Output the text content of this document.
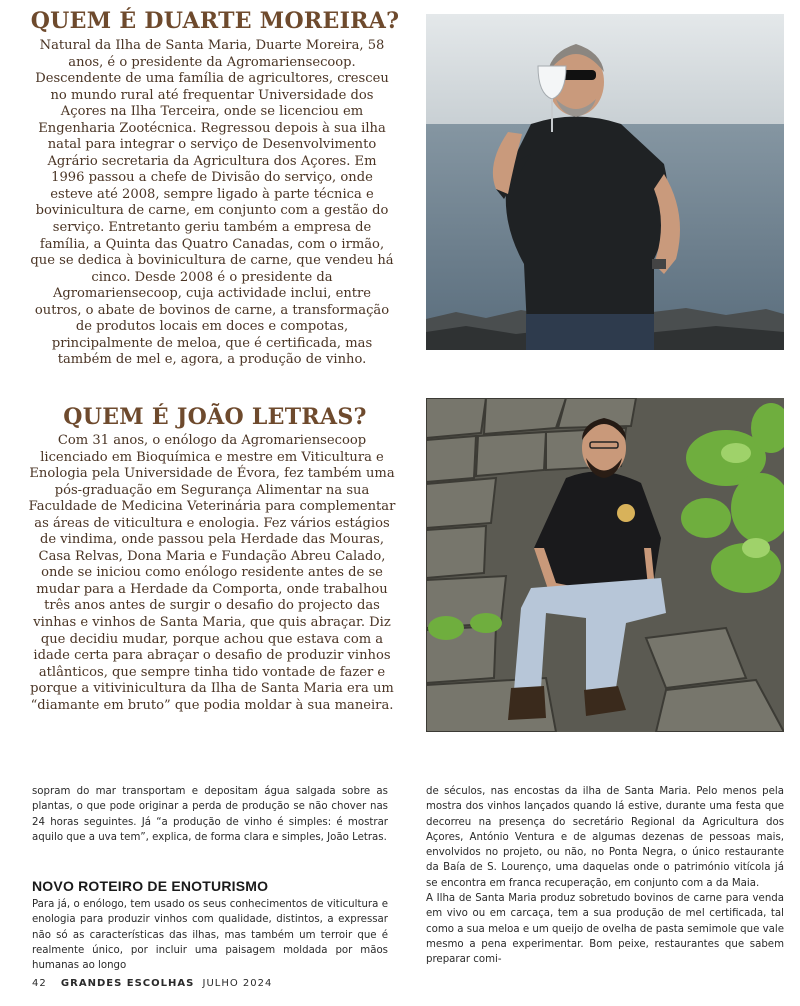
QUEM É DUARTE MOREIRA?

Natural da Ilha de Santa Maria, Duarte Moreira, 58 anos, é o presidente da Agromariensecoop. Descendente de uma família de agricultores, cresceu no mundo rural até frequentar Universidade dos Açores na Ilha Terceira, onde se licenciou em Engenharia Zootécnica. Regressou depois à sua ilha natal para integrar o serviço de Desenvolvimento Agrário secretaria da Agricultura dos Açores. Em 1996 passou a chefe de Divisão do serviço, onde esteve até 2008, sempre ligado à parte técnica e bovinicultura de carne, em conjunto com a gestão do serviço. Entretanto geriu também a empresa de família, a Quinta das Quatro Canadas, com o irmão, que se dedica à bovinicultura de carne, que vendeu há cinco. Desde 2008 é o presidente da Agromariensecoop, cuja actividade inclui, entre outros, o abate de bovinos de carne, a transformação de produtos locais em doces e compotas, principalmente de meloa, que é certificada, mas também de mel e, agora, a produção de vinho.

QUEM É JOÃO LETRAS?

Com 31 anos, o enólogo da Agromariensecoop licenciado em Bioquímica e mestre em Viticultura e Enologia pela Universidade de Évora, fez também uma pós-graduação em Segurança Alimentar na sua Faculdade de Medicina Veterinária para complementar as áreas de viticultura e enologia. Fez vários estágios de vindima, onde passou pela Herdade das Mouras, Casa Relvas, Dona Maria e Fundação Abreu Calado, onde se iniciou como enólogo residente antes de se mudar para a Herdade da Comporta, onde trabalhou três anos antes de surgir o desafio do projecto das vinhas e vinhos de Santa Maria, que quis abraçar. Diz que decidiu mudar, porque achou que estava com a idade certa para abraçar o desafio de produzir vinhos atlânticos, que sempre tinha tido vontade de fazer e porque a vitivinicultura da Ilha de Santa Maria era um “diamante em bruto” que podia moldar à sua maneira.

sopram do mar transportam e depositam água salgada sobre as plantas, o que pode originar a perda de produção se não chover nas 24 horas seguintes. Já “a produção de vinho é simples: é mostrar aquilo que a uva tem”, explica, de forma clara e simples, João Letras.

NOVO ROTEIRO DE ENOTURISMO

Para já, o enólogo, tem usado os seus conhecimentos de viticultura e enologia para produzir vinhos com qualidade, distintos, a expressar não só as características das ilhas, mas também um terroir que é realmente único, por incluir uma paisagem moldada por mãos humanas ao longo

de séculos, nas encostas da ilha de Santa Maria. Pelo menos pela mostra dos vinhos lançados quando lá estive, durante uma festa que decorreu na presença do secretário Regional da Agricultura dos Açores, António Ventura e de algumas dezenas de pessoas mais, envolvidos no projeto, ou não, no Ponta Negra, o único restaurante da Baía de S. Lourenço, uma daquelas onde o património vitícola já se encontra em franca recuperação, em conjunto com a da Maia.

A Ilha de Santa Maria produz sobretudo bovinos de carne para venda em vivo ou em carcaça, tem a sua produção de mel certificada, tal como a sua meloa e um queijo de ovelha de pasta semimole que vale mesmo a pena experimentar. Bom peixe, restaurantes que sabem preparar comi-

42 GRANDES ESCOLHAS JULHO 2024
